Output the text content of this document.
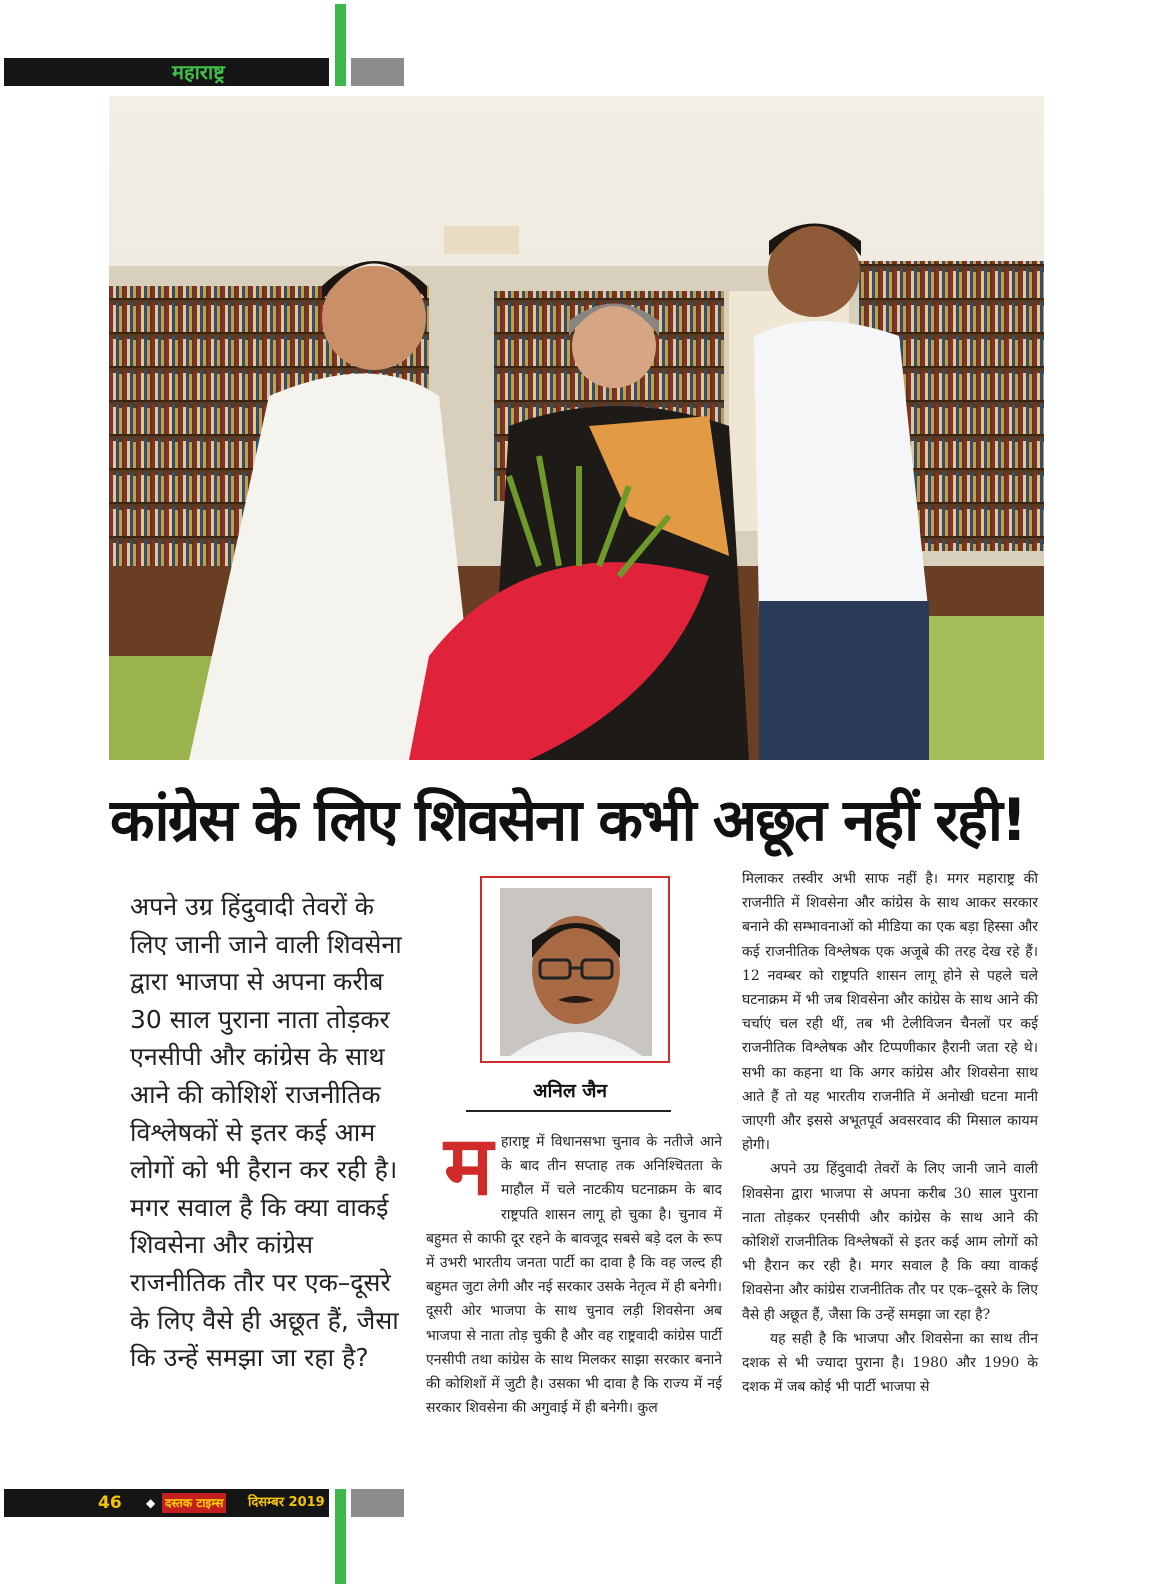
महाराष्ट्र
कांग्रेस के लिए शिवसेना कभी अछूत नहीं रही!
अपने उग्र हिंदुवादी तेवरों के लिए जानी जाने वाली शिवसेना द्वारा भाजपा से अपना करीब 30 साल पुराना नाता तोड़कर एनसीपी और कांग्रेस के साथ आने की कोशिशें राजनीतिक विश्लेषकों से इतर कई आम लोगों को भी हैरान कर रही है। मगर सवाल है कि क्या वाकई शिवसेना और कांग्रेस राजनीतिक तौर पर एक–दूसरे के लिए वैसे ही अछूत हैं, जैसा कि उन्हें समझा जा रहा है?
अनिल जैन

म हाराष्ट्र में विधानसभा चुनाव के नतीजे आने के बाद तीन सप्ताह तक अनिश्चितता के माहौल में चले नाटकीय घटनाक्रम के बाद राष्ट्रपति शासन लागू हो चुका है। चुनाव में बहुमत से काफी दूर रहने के बावजूद सबसे बड़े दल के रूप में उभरी भारतीय जनता पार्टी का दावा है कि वह जल्द ही बहुमत जुटा लेगी और नई सरकार उसके नेतृत्व में ही बनेगी। दूसरी ओर भाजपा के साथ चुनाव लड़ी शिवसेना अब भाजपा से नाता तोड़ चुकी है और वह राष्ट्रवादी कांग्रेस पार्टी एनसीपी तथा कांग्रेस के साथ मिलकर साझा सरकार बनाने की कोशिशों में जुटी है। उसका भी दावा है कि राज्य में नई सरकार शिवसेना की अगुवाई में ही बनेगी। कुल

मिलाकर तस्वीर अभी साफ नहीं है। मगर महाराष्ट्र की राजनीति में शिवसेना और कांग्रेस के साथ आकर सरकार बनाने की सम्भावनाओं को मीडिया का एक बड़ा हिस्सा और कई राजनीतिक विश्लेषक एक अजूबे की तरह देख रहे हैं। 12 नवम्बर को राष्ट्रपति शासन लागू होने से पहले चले घटनाक्रम में भी जब शिवसेना और कांग्रेस के साथ आने की चर्चाएं चल रही थीं, तब भी टेलीविजन चैनलों पर कई राजनीतिक विश्लेषक और टिप्पणीकार हैरानी जता रहे थे। सभी का कहना था कि अगर कांग्रेस और शिवसेना साथ आते हैं तो यह भारतीय राजनीति में अनोखी घटना मानी जाएगी और इससे अभूतपूर्व अवसरवाद की मिसाल कायम होगी।

अपने उग्र हिंदुवादी तेवरों के लिए जानी जाने वाली शिवसेना द्वारा भाजपा से अपना करीब 30 साल पुराना नाता तोड़कर एनसीपी और कांग्रेस के साथ आने की कोशिशें राजनीतिक विश्लेषकों से इतर कई आम लोगों को भी हैरान कर रही है। मगर सवाल है कि क्या वाकई शिवसेना और कांग्रेस राजनीतिक तौर पर एक–दूसरे के लिए वैसे ही अछूत हैं, जैसा कि उन्हें समझा जा रहा है?

यह सही है कि भाजपा और शिवसेना का साथ तीन दशक से भी ज्यादा पुराना है। 1980 और 1990 के दशक में जब कोई भी पार्टी भाजपा से

46 ◆ दस्तक टाइम्स दिसम्बर 2019
